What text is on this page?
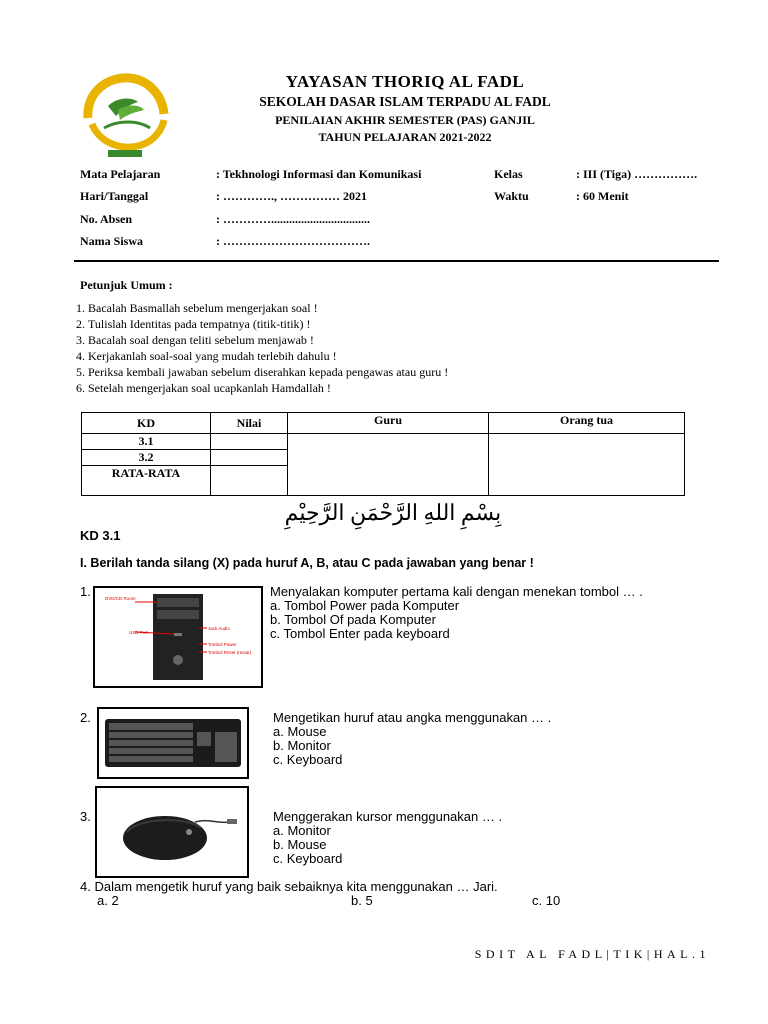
YAYASAN THORIQ AL FADL
SEKOLAH DASAR ISLAM TERPADU AL FADL
PENILAIAN AKHIR SEMESTER (PAS) GANJIL
TAHUN PELAJARAN 2021-2022
Mata Pelajaran	: Tekhnologi Informasi dan Komunikasi	Kelas	: III (Tiga) …………….
Hari/Tanggal	: …………., …………… 2021	Waktu	: 60 Menit
No. Absen	: ………….................................
Nama Siswa	: ……………………………….
Petunjuk Umum :
1. Bacalah Basmallah sebelum mengerjakan soal !
2. Tulislah Identitas pada tempatnya (titik-titik) !
3. Bacalah soal dengan teliti sebelum menjawab !
4. Kerjakanlah soal-soal yang mudah terlebih dahulu !
5. Periksa kembali jawaban sebelum diserahkan kepada pengawas atau guru !
6. Setelah mengerjakan soal ucapkanlah Hamdallah !
KD	Nilai	Guru	Orang tua
3.1			
3.2			
RATA-RATA			
بِسْمِ اللهِ الرَّحْمَنِ الرَّحِيْمِ
KD 3.1
I. Berilah tanda silang (X) pada huruf A, B, atau C pada jawaban yang benar !
1.	DVD/CD Room
USB Port
Jack Audio
Tombol Power
Tombol Reset (restar)
Menyalakan komputer pertama kali dengan menekan tombol … .
a. Tombol Power pada Komputer
b. Tombol Of pada Komputer
c. Tombol Enter pada keyboard
2.	Mengetikan huruf atau angka menggunakan … .
a. Mouse
b. Monitor
c. Keyboard
3.	Menggerakan kursor menggunakan … .
a. Monitor
b. Mouse
c. Keyboard
4. Dalam mengetik huruf yang baik sebaiknya kita menggunakan … Jari.
a. 2	b. 5	c. 10
SDIT AL FADL|TIK|HAL.1
